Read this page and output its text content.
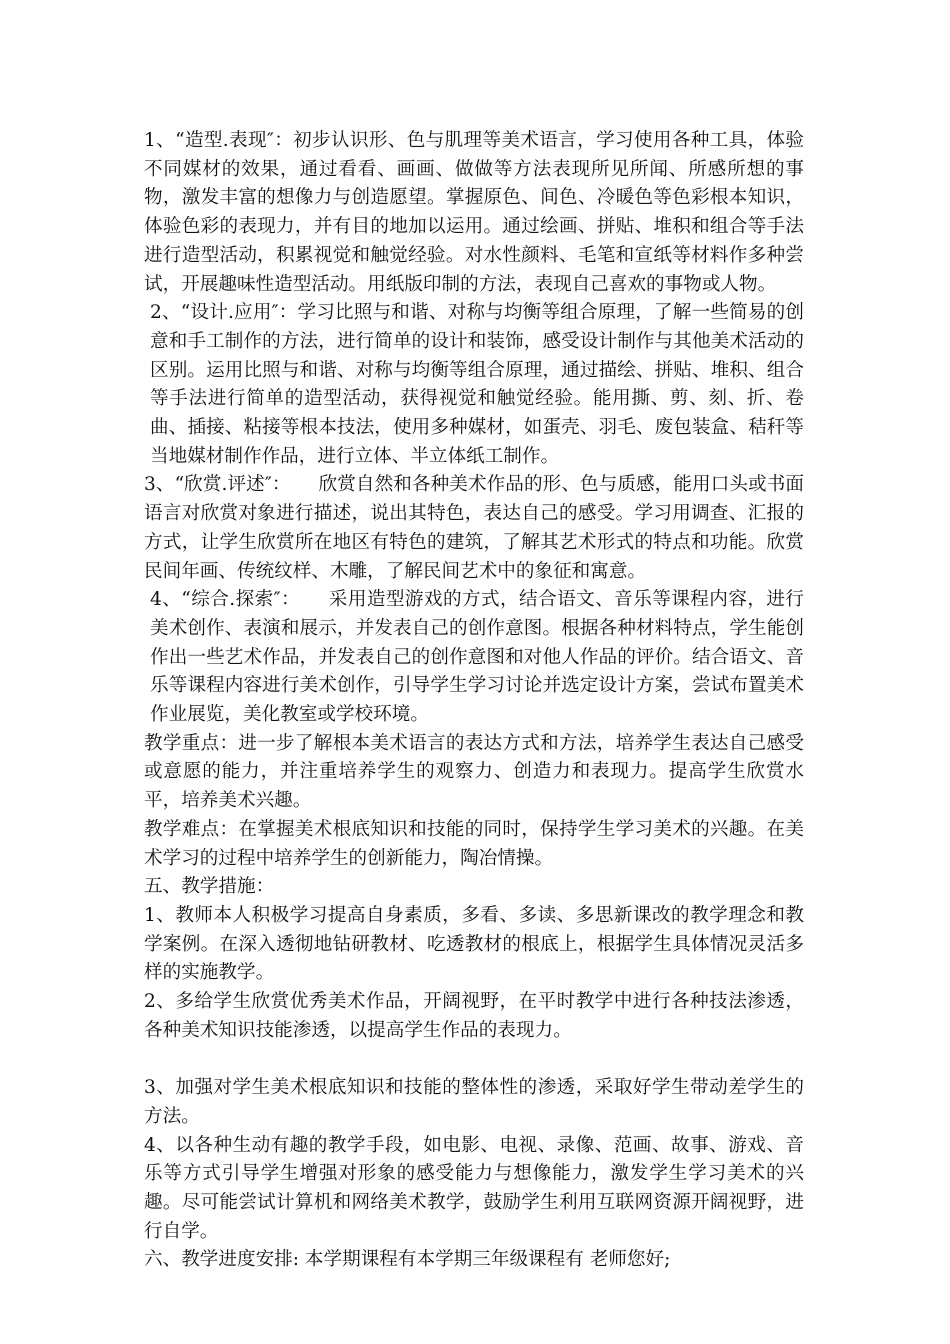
1、“造型.表现″：初步认识形、色与肌理等美术语言，学习使用各种工具，体验不同媒材的效果，通过看看、画画、做做等方法表现所见所闻、所感所想的事物，激发丰富的想像力与创造愿望。掌握原色、间色、冷暖色等色彩根本知识，体验色彩的表现力，并有目的地加以运用。通过绘画、拼贴、堆积和组合等手法进行造型活动，积累视觉和触觉经验。对水性颜料、毛笔和宣纸等材料作多种尝试，开展趣味性造型活动。用纸版印制的方法，表现自己喜欢的事物或人物。

2、“设计.应用″：学习比照与和谐、对称与均衡等组合原理，了解一些简易的创意和手工制作的方法，进行简单的设计和装饰，感受设计制作与其他美术活动的区别。运用比照与和谐、对称与均衡等组合原理，通过描绘、拼贴、堆积、组合等手法进行简单的造型活动，获得视觉和触觉经验。能用撕、剪、刻、折、卷曲、插接、粘接等根本技法，使用多种媒材，如蛋壳、羽毛、废包装盒、秸秆等当地媒材制作作品，进行立体、半立体纸工制作。

3、“欣赏.评述″：　　欣赏自然和各种美术作品的形、色与质感，能用口头或书面语言对欣赏对象进行描述，说出其特色，表达自己的感受。学习用调查、汇报的方式，让学生欣赏所在地区有特色的建筑，了解其艺术形式的特点和功能。欣赏民间年画、传统纹样、木雕，了解民间艺术中的象征和寓意。

4、“综合.探索″：　　采用造型游戏的方式，结合语文、音乐等课程内容，进行美术创作、表演和展示，并发表自己的创作意图。根据各种材料特点，学生能创作出一些艺术作品，并发表自己的创作意图和对他人作品的评价。结合语文、音乐等课程内容进行美术创作，引导学生学习讨论并选定设计方案，尝试布置美术作业展览，美化教室或学校环境。

教学重点：进一步了解根本美术语言的表达方式和方法，培养学生表达自己感受或意愿的能力，并注重培养学生的观察力、创造力和表现力。提高学生欣赏水平，培养美术兴趣。

教学难点：在掌握美术根底知识和技能的同时，保持学生学习美术的兴趣。在美术学习的过程中培养学生的创新能力，陶冶情操。

五、教学措施：

1、教师本人积极学习提高自身素质，多看、多读、多思新课改的教学理念和教学案例。在深入透彻地钻研教材、吃透教材的根底上，根据学生具体情况灵活多样的实施教学。

2、多给学生欣赏优秀美术作品，开阔视野，在平时教学中进行各种技法渗透，各种美术知识技能渗透，以提高学生作品的表现力。

3、加强对学生美术根底知识和技能的整体性的渗透，采取好学生带动差学生的方法。

4、以各种生动有趣的教学手段，如电影、电视、录像、范画、故事、游戏、音乐等方式引导学生增强对形象的感受能力与想像能力，激发学生学习美术的兴趣。尽可能尝试计算机和网络美术教学，鼓励学生利用互联网资源开阔视野，进行自学。

六、教学进度安排: 本学期课程有本学期三年级课程有 老师您好;
